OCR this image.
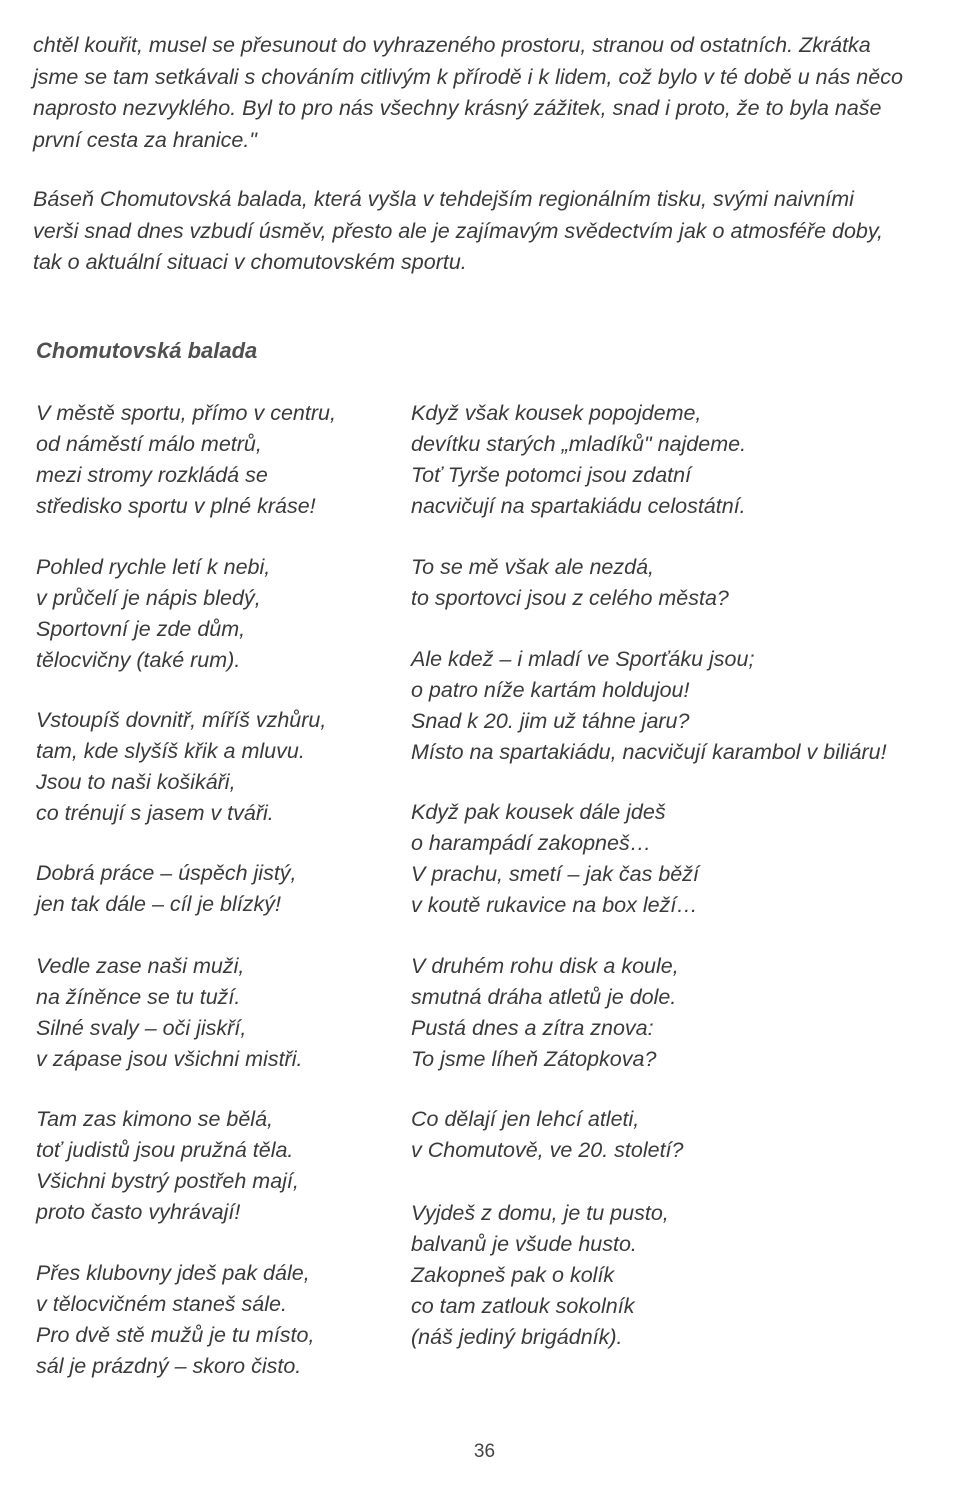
chtěl kouřit, musel se přesunout do vyhrazeného prostoru, stranou od ostatních. Zkrátka
jsme se tam setkávali s chováním citlivým k přírodě i k lidem, což bylo v té době u nás něco
naprosto nezvyklého. Byl to pro nás všechny krásný zážitek, snad i proto, že to byla naše
první cesta za hranice."

Báseň Chomutovská balada, která vyšla v tehdejším regionálním tisku, svými naivními
verši snad dnes vzbudí úsměv, přesto ale je zajímavým svědectvím jak o atmosféře doby,
tak o aktuální situaci v chomutovském sportu.

Chomutovská balada

V městě sportu, přímo v centru,
od náměstí málo metrů,
mezi stromy rozkládá se
středisko sportu v plné kráse!

Pohled rychle letí k nebi,
v průčelí je nápis bledý,
Sportovní je zde dům,
tělocvičny (také rum).

Vstoupíš dovnitř, míříš vzhůru,
tam, kde slyšíš křik a mluvu.
Jsou to naši košikáři,
co trénují s jasem v tváři.

Dobrá práce – úspěch jistý,
jen tak dále – cíl je blízký!

Vedle zase naši muži,
na žíněnce se tu tuží.
Silné svaly – oči jiskří,
v zápase jsou všichni mistři.

Tam zas kimono se bělá,
toť judistů jsou pružná těla.
Všichni bystrý postřeh mají,
proto často vyhrávají!

Přes klubovny jdeš pak dále,
v tělocvičném staneš sále.
Pro dvě stě mužů je tu místo,
sál je prázdný – skoro čisto.

Když však kousek popojdeme,
devítku starých „mladíků" najdeme.
Toť Tyrše potomci jsou zdatní
nacvičují na spartakiádu celostátní.

To se mě však ale nezdá,
to sportovci jsou z celého města?

Ale kdež – i mladí ve Sporťáku jsou;
o patro níže kartám holdujou!
Snad k 20. jim už táhne jaru?
Místo na spartakiádu, nacvičují karambol v biliáru!

Když pak kousek dále jdeš
o harampádí zakopneš…
V prachu, smetí – jak čas běží
v koutě rukavice na box leží…

V druhém rohu disk a koule,
smutná dráha atletů je dole.
Pustá dnes a zítra znova:
To jsme líheň Zátopkova?

Co dělají jen lehcí atleti,
v Chomutově, ve 20. století?

Vyjdeš z domu, je tu pusto,
balvanů je všude husto.
Zakopneš pak o kolík
co tam zatlouk sokolník
(náš jediný brigádník).

36
